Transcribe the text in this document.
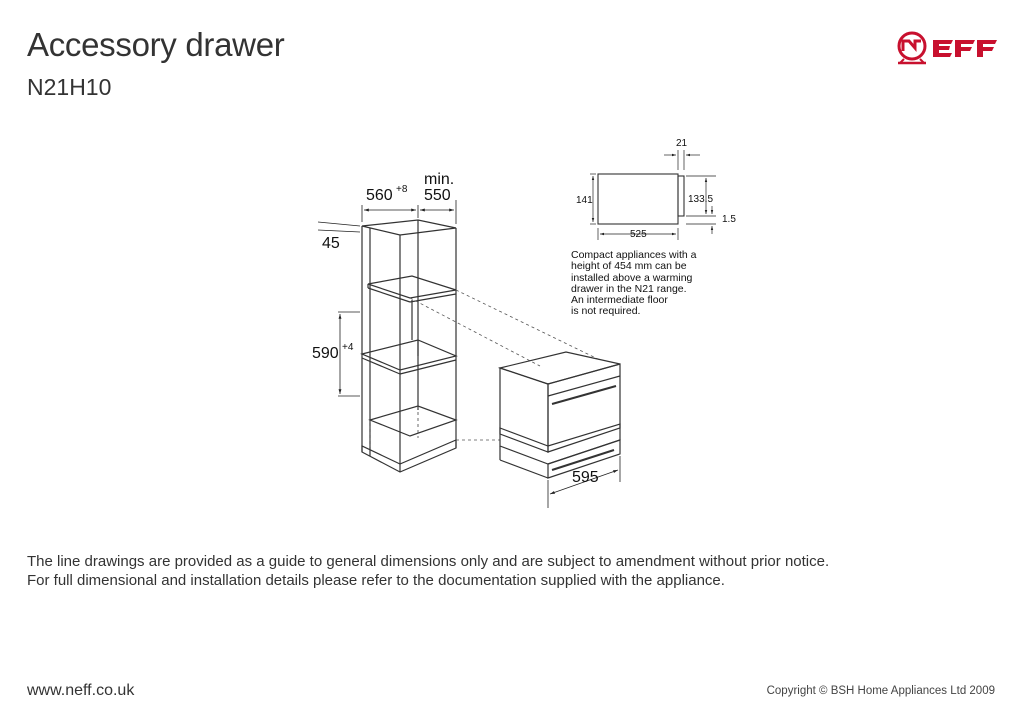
Accessory drawer
N21H10
560 +8
min.
550
45
590 +4
595
21
141	133.5
1.5
525

Compact appliances with a
height of 454 mm can be
installed above a warming
drawer in the N21 range.
An intermediate floor
is not required.

The line drawings are provided as a guide to general dimensions only and are subject to amendment without prior notice.
For full dimensional and installation details please refer to the documentation supplied with the appliance.

www.neff.co.uk	Copyright © BSH Home Appliances Ltd 2009
